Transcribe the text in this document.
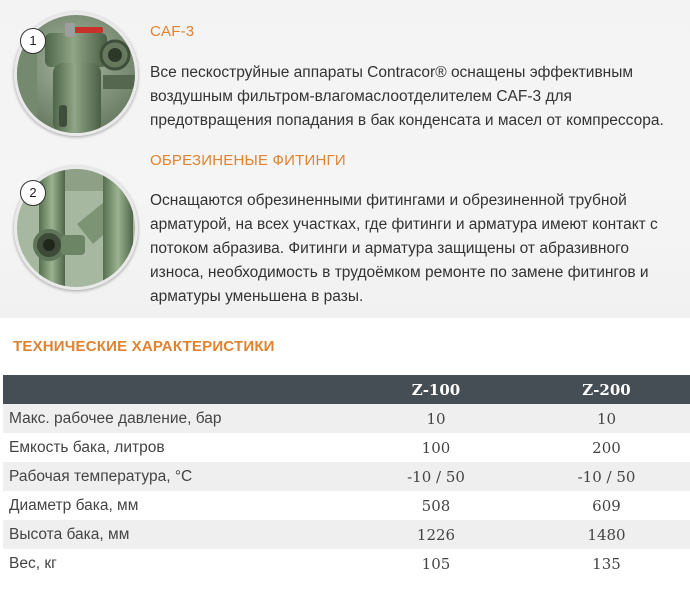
1
CAF-3

Все пескоструйные аппараты Contracor® оснащены эффективным воздушным фильтром-влагомаслоотделителем CAF-3 для предотвращения попадания в бак конденсата и масел от компрессора.

2
ОБРЕЗИНЕНЫЕ ФИТИНГИ

Оснащаются обрезиненными фитингами и обрезиненной трубной арматурой, на всех участках, где фитинги и арматура имеют контакт с потоком абразива. Фитинги и арматура защищены от абразивного износа, необходимость в трудоёмком ремонте по замене фитингов и арматуры уменьшена в разы.

ТЕХНИЧЕСКИЕ ХАРАКТЕРИСТИКИ
	Z-100	Z-200
Макс. рабочее давление, бар	10	10
Емкость бака, литров	100	200
Рабочая температура, °С	-10 / 50	-10 / 50
Диаметр бака, мм	508	609
Высота бака, мм	1226	1480
Вес, кг	105	135
